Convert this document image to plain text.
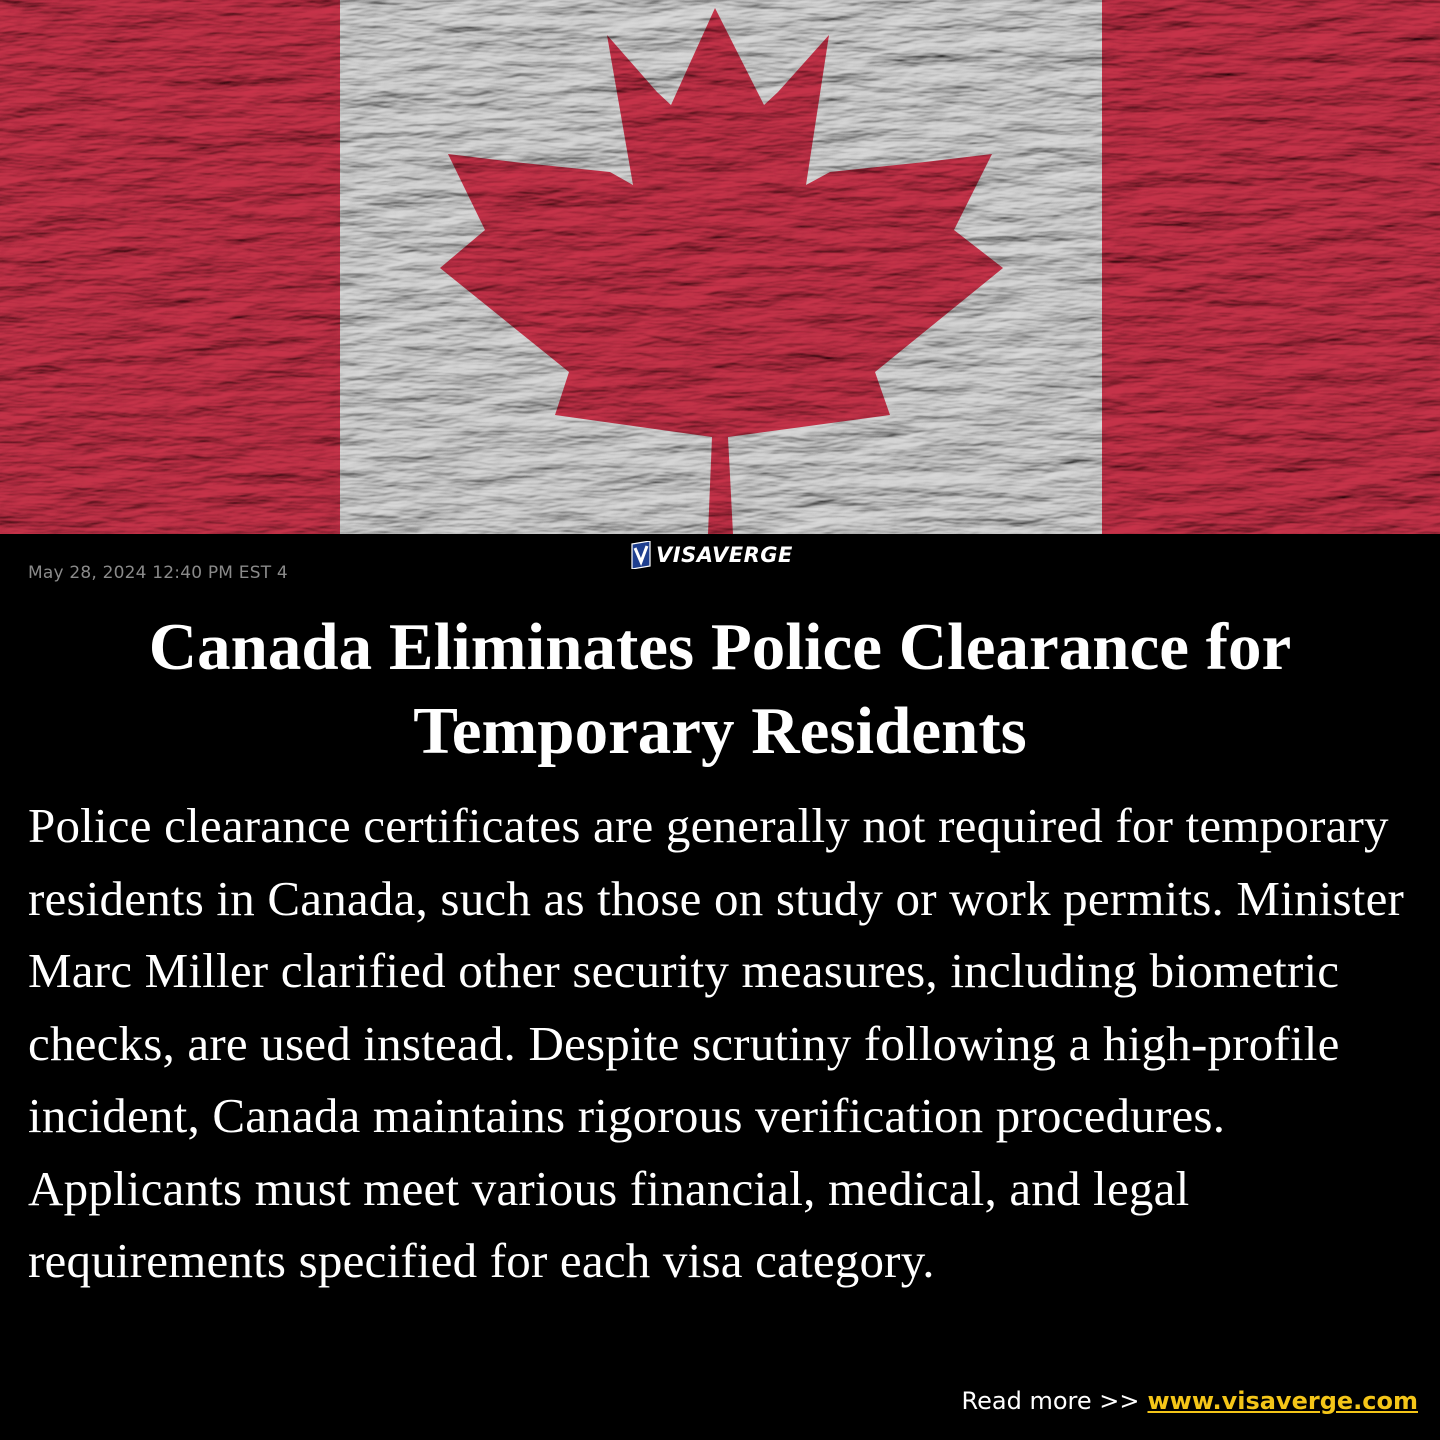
May 28, 2024 12:40 PM EST 4
VISAVERGE
Canada Eliminates Police Clearance for Temporary Residents

Police clearance certificates are generally not required for temporary residents in Canada, such as those on study or work permits. Minister Marc Miller clarified other security measures, including biometric checks, are used instead. Despite scrutiny following a high-profile incident, Canada maintains rigorous verification procedures. Applicants must meet various financial, medical, and legal requirements specified for each visa category.

Read more >> www.visaverge.com
